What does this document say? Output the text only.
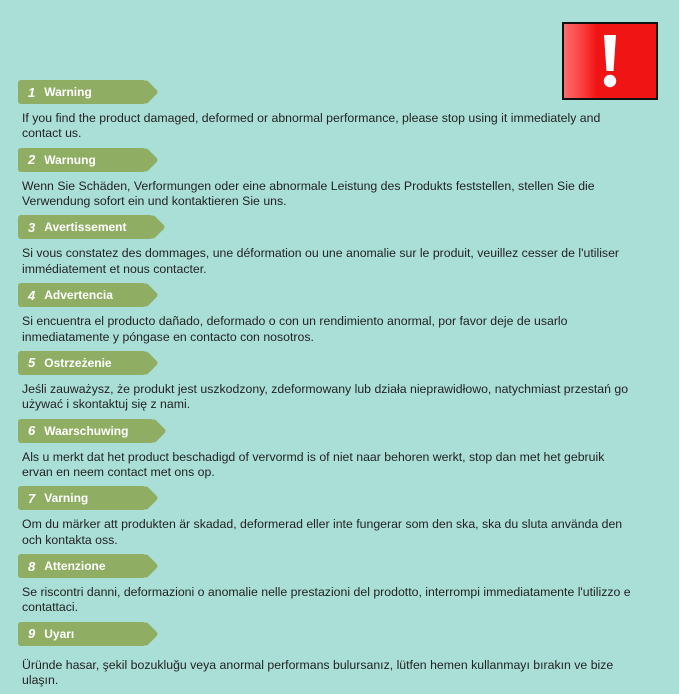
1 Warning
If you find the product damaged, deformed or abnormal performance, please stop using it immediately and contact us.
2 Warnung
Wenn Sie Schäden, Verformungen oder eine abnormale Leistung des Produkts feststellen, stellen Sie die Verwendung sofort ein und kontaktieren Sie uns.
3 Avertissement
Si vous constatez des dommages, une déformation ou une anomalie sur le produit, veuillez cesser de l'utiliser immédiatement et nous contacter.
4 Advertencia
Si encuentra el producto dañado, deformado o con un rendimiento anormal, por favor deje de usarlo inmediatamente y póngase en contacto con nosotros.
5 Ostrzeżenie
Jeśli zauważysz, że produkt jest uszkodzony, zdeformowany lub działa nieprawidłowo, natychmiast przestań go używać i skontaktuj się z nami.
6 Waarschuwing
Als u merkt dat het product beschadigd of vervormd is of niet naar behoren werkt, stop dan met het gebruik ervan en neem contact met ons op.
7 Varning
Om du märker att produkten är skadad, deformerad eller inte fungerar som den ska, ska du sluta använda den och kontakta oss.
8 Attenzione
Se riscontri danni, deformazioni o anomalie nelle prestazioni del prodotto, interrompi immediatamente l'utilizzo e contattaci.
9 Uyarı
Üründe hasar, şekil bozukluğu veya anormal performans bulursanız, lütfen hemen kullanmayı bırakın ve bize ulaşın.
